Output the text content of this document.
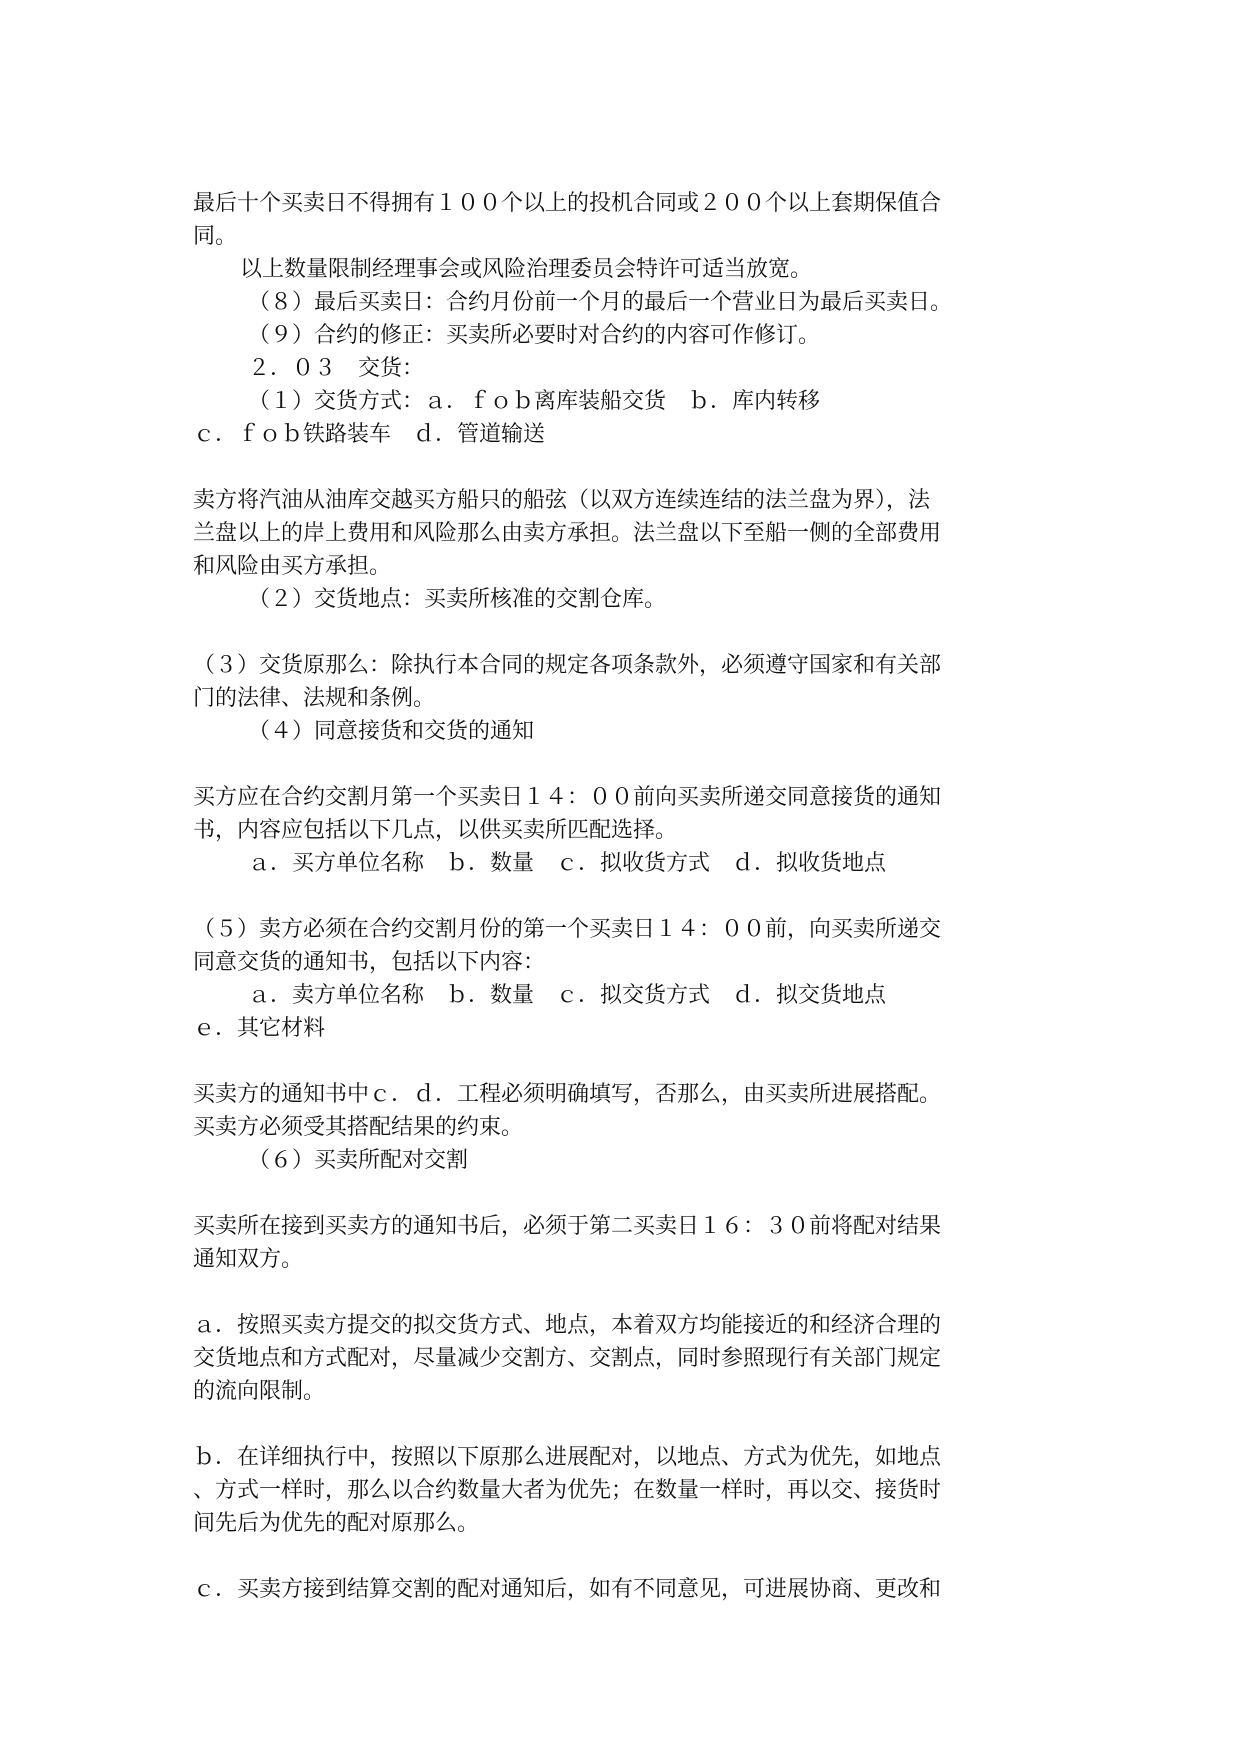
最后十个买卖日不得拥有１００个以上的投机合同或２００个以上套期保值合
同。
以上数量限制经理事会或风险治理委员会特许可适当放宽。
（８）最后买卖日：合约月份前一个月的最后一个营业日为最后买卖日。
（９）合约的修正：买卖所必要时对合约的内容可作修订。
２．０３　交货：
（１）交货方式：ａ．ｆｏｂ离库装船交货　ｂ．库内转移
ｃ．ｆｏｂ铁路装车　ｄ．管道输送
卖方将汽油从油库交越买方船只的船弦（以双方连续连结的法兰盘为界），法
兰盘以上的岸上费用和风险那么由卖方承担。法兰盘以下至船一侧的全部费用
和风险由买方承担。
（２）交货地点：买卖所核准的交割仓库。
（３）交货原那么：除执行本合同的规定各项条款外，必须遵守国家和有关部
门的法律、法规和条例。
（４）同意接货和交货的通知
买方应在合约交割月第一个买卖日１４：００前向买卖所递交同意接货的通知
书，内容应包括以下几点，以供买卖所匹配选择。
ａ．买方单位名称　ｂ．数量　ｃ．拟收货方式　ｄ．拟收货地点
（５）卖方必须在合约交割月份的第一个买卖日１４：００前，向买卖所递交
同意交货的通知书，包括以下内容：
ａ．卖方单位名称　ｂ．数量　ｃ．拟交货方式　ｄ．拟交货地点
ｅ．其它材料
买卖方的通知书中ｃ．ｄ．工程必须明确填写，否那么，由买卖所进展搭配。
买卖方必须受其搭配结果的约束。
（６）买卖所配对交割
买卖所在接到买卖方的通知书后，必须于第二买卖日１６：３０前将配对结果
通知双方。
ａ．按照买卖方提交的拟交货方式、地点，本着双方均能接近的和经济合理的
交货地点和方式配对，尽量减少交割方、交割点，同时参照现行有关部门规定
的流向限制。
ｂ．在详细执行中，按照以下原那么进展配对，以地点、方式为优先，如地点
、方式一样时，那么以合约数量大者为优先；在数量一样时，再以交、接货时
间先后为优先的配对原那么。
ｃ．买卖方接到结算交割的配对通知后，如有不同意见，可进展协商、更改和
